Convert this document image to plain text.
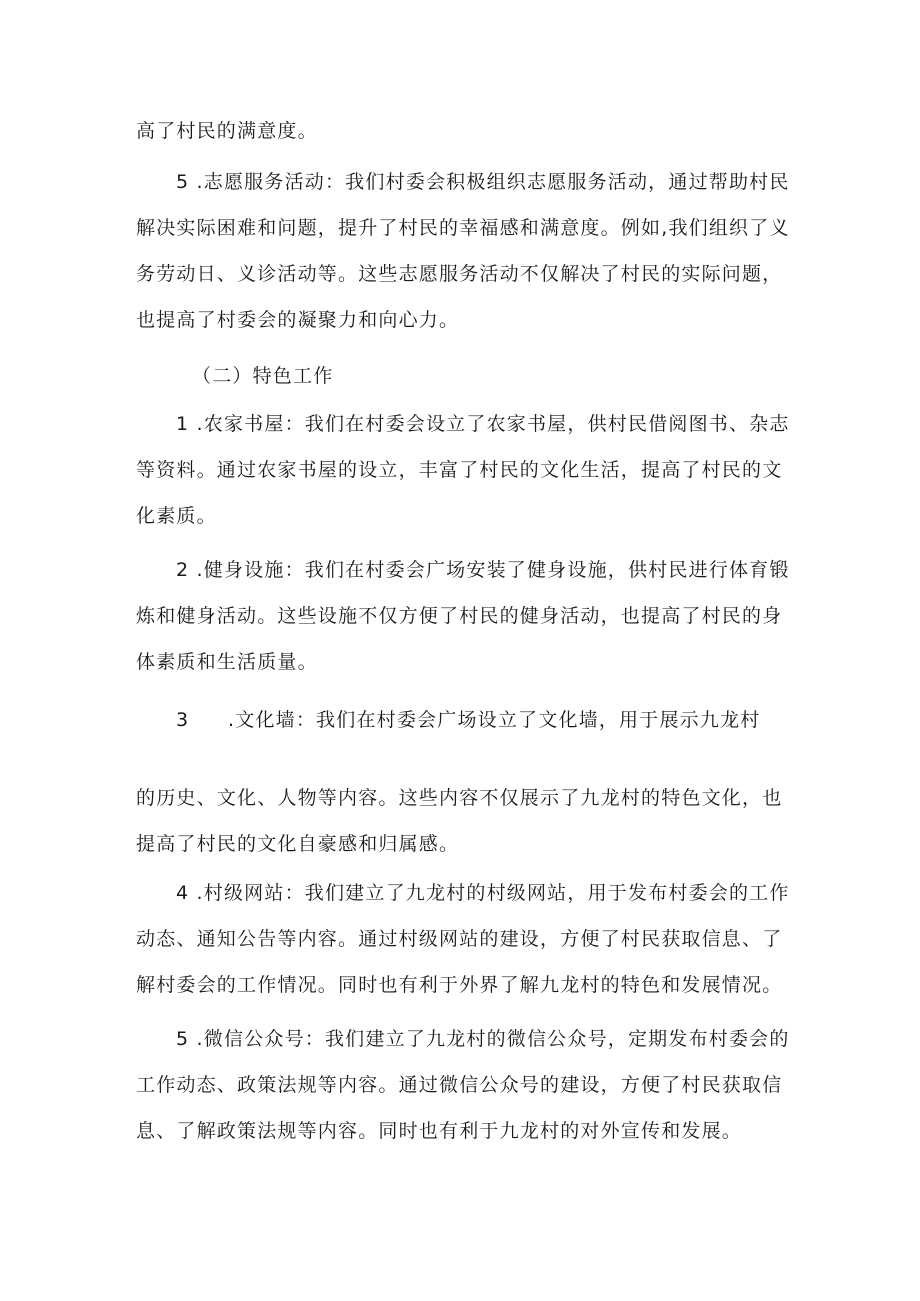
高了村民的满意度。

5 .志愿服务活动：我们村委会积极组织志愿服务活动，通过帮助村民解决实际困难和问题，提升了村民的幸福感和满意度。例如,我们组织了义务劳动日、义诊活动等。这些志愿服务活动不仅解决了村民的实际问题，也提高了村委会的凝聚力和向心力。

（二）特色工作

1 .农家书屋：我们在村委会设立了农家书屋，供村民借阅图书、杂志等资料。通过农家书屋的设立，丰富了村民的文化生活，提高了村民的文化素质。

2 .健身设施：我们在村委会广场安装了健身设施，供村民进行体育锻炼和健身活动。这些设施不仅方便了村民的健身活动，也提高了村民的身体素质和生活质量。

3 .文化墙：我们在村委会广场设立了文化墙，用于展示九龙村

的历史、文化、人物等内容。这些内容不仅展示了九龙村的特色文化，也提高了村民的文化自豪感和归属感。

4 .村级网站：我们建立了九龙村的村级网站，用于发布村委会的工作动态、通知公告等内容。通过村级网站的建设，方便了村民获取信息、了解村委会的工作情况。同时也有利于外界了解九龙村的特色和发展情况。

5 .微信公众号：我们建立了九龙村的微信公众号，定期发布村委会的工作动态、政策法规等内容。通过微信公众号的建设，方便了村民获取信息、了解政策法规等内容。同时也有利于九龙村的对外宣传和发展。
